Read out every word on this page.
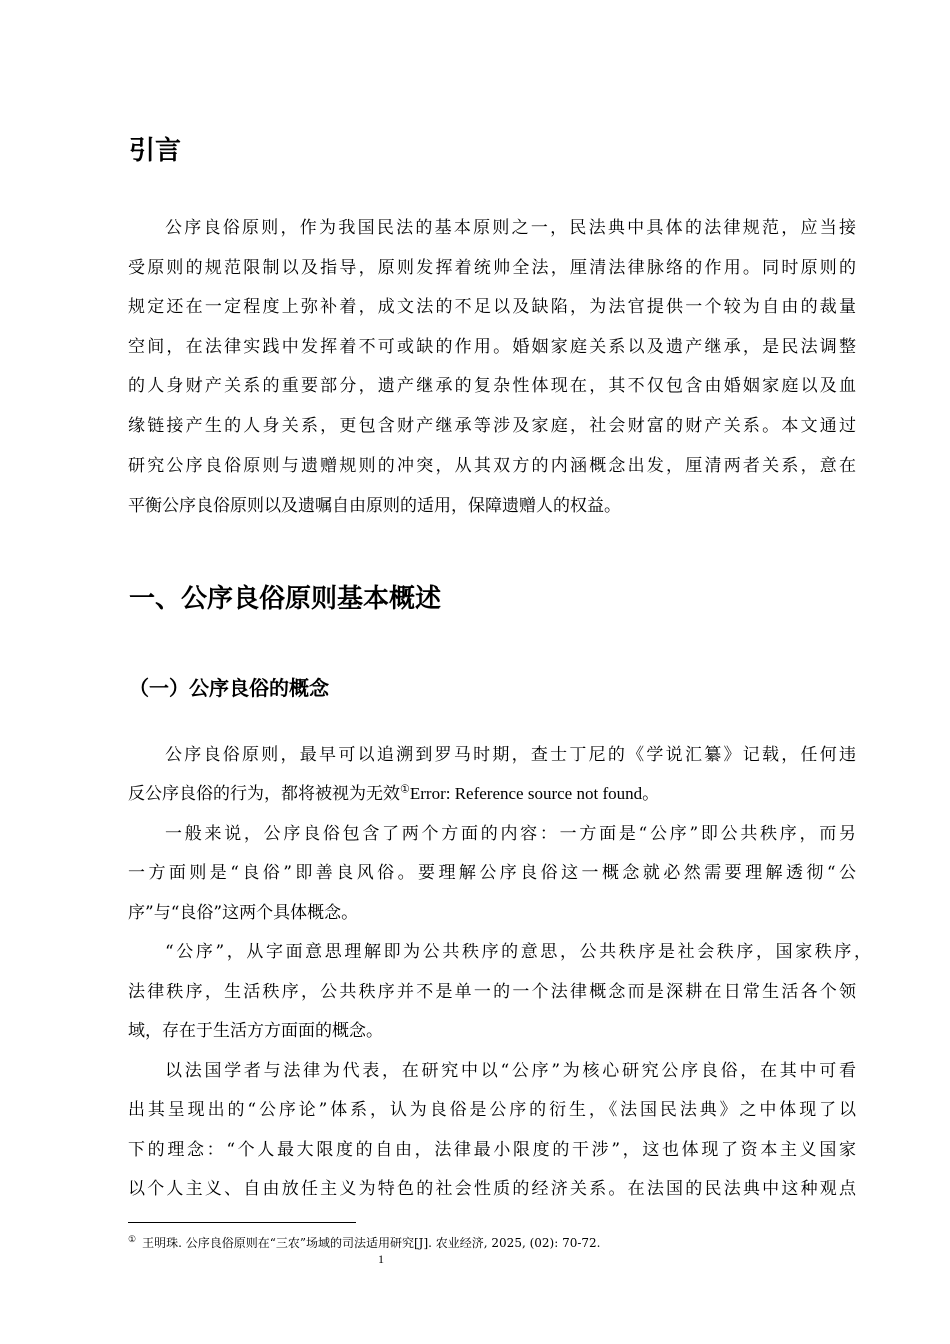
引言
公序良俗原则，作为我国民法的基本原则之一，民法典中具体的法律规范，应当接
受原则的规范限制以及指导，原则发挥着统帅全法，厘清法律脉络的作用。同时原则的
规定还在一定程度上弥补着，成文法的不足以及缺陷，为法官提供一个较为自由的裁量
空间，在法律实践中发挥着不可或缺的作用。婚姻家庭关系以及遗产继承，是民法调整
的人身财产关系的重要部分，遗产继承的复杂性体现在，其不仅包含由婚姻家庭以及血
缘链接产生的人身关系，更包含财产继承等涉及家庭，社会财富的财产关系。本文通过
研究公序良俗原则与遗赠规则的冲突，从其双方的内涵概念出发，厘清两者关系，意在
平衡公序良俗原则以及遗嘱自由原则的适用，保障遗赠人的权益。
一、公序良俗原则基本概述
（一）公序良俗的概念
公序良俗原则，最早可以追溯到罗马时期，查士丁尼的《学说汇纂》记载，任何违
反公序良俗的行为，都将被视为无效①Error: Reference source not found。
一般来说，公序良俗包含了两个方面的内容：一方面是“公序”即公共秩序，而另
一方面则是“良俗”即善良风俗。要理解公序良俗这一概念就必然需要理解透彻“公
序”与“良俗”这两个具体概念。
“公序”，从字面意思理解即为公共秩序的意思，公共秩序是社会秩序，国家秩序，
法律秩序，生活秩序，公共秩序并不是单一的一个法律概念而是深耕在日常生活各个领
域，存在于生活方方面面的概念。
以法国学者与法律为代表，在研究中以“公序”为核心研究公序良俗，在其中可看
出其呈现出的“公序论”体系，认为良俗是公序的衍生，《法国民法典》之中体现了以
下的理念：“个人最大限度的自由，法律最小限度的干涉”，这也体现了资本主义国家
以个人主义、自由放任主义为特色的社会性质的经济关系。在法国的民法典中这种观点
① 王明珠. 公序良俗原则在“三农”场域的司法适用研究[J]. 农业经济, 2025, (02): 70-72.
1
